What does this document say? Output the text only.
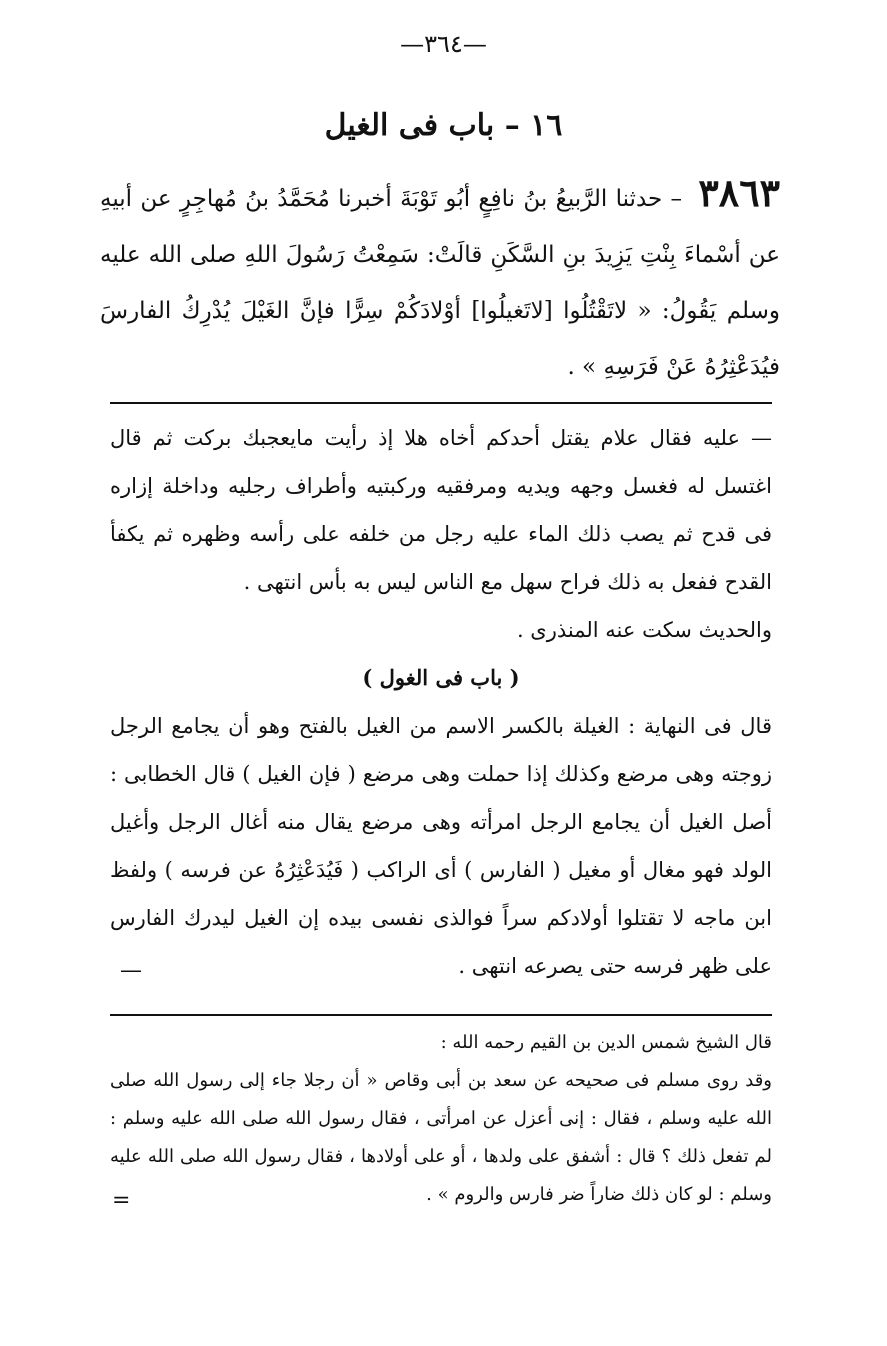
—٣٦٤—
١٦ – باب فى الغيل
٣٨٦٣ – حدثنا الرَّبيعُ بنُ نافِعٍ أبُو تَوْبَةَ أخبرنا مُحَمَّدُ بنُ مُهاجِرٍ عن أبيهِ عن أسْماءَ بِنْتِ يَزِيدَ بنِ السَّكَنِ قالَتْ: سَمِعْتُ رَسُولَ اللهِ صلى الله عليه وسلم يَقُولُ: « لاتَقْتُلُوا [لاتَغيلُوا] أوْلادَكُمْ سِرًّا فإنَّ الغَيْلَ يُدْرِكُ الفارسَ فيُدَعْثِرُهُ عَنْ فَرَسِهِ » .

— عليه فقال علام يقتل أحدكم أخاه هلا إذ رأيت مايعجبك بركت ثم قال اغتسل له فغسل وجهه ويديه ومرفقيه وركبتيه وأطراف رجليه وداخلة إزاره فى قدح ثم يصب ذلك الماء عليه رجل من خلفه على رأسه وظهره ثم يكفأ القدح ففعل به ذلك فراح سهل مع الناس ليس به بأس انتهى .

والحديث سكت عنه المنذرى .

( باب فى الغول )

قال فى النهاية : الغيلة بالكسر الاسم من الغيل بالفتح وهو أن يجامع الرجل زوجته وهى مرضع وكذلك إذا حملت وهى مرضع ( فإن الغيل ) قال الخطابى : أصل الغيل أن يجامع الرجل امرأته وهى مرضع يقال منه أغال الرجل وأغيل الولد فهو مغال أو مغيل ( الفارس ) أى الراكب ( فَيُدَعْثِرُهُ عن فرسه ) ولفظ ابن ماجه لا تقتلوا أولادكم سراً فوالذى نفسى بيده إن الغيل ليدرك الفارس على ظهر فرسه حتى يصرعه انتهى .

—

قال الشيخ شمس الدين بن القيم رحمه الله :

وقد روى مسلم فى صحيحه عن سعد بن أبى وقاص « أن رجلا جاء إلى رسول الله صلى الله عليه وسلم ، فقال : إنى أعزل عن امرأتى ، فقال رسول الله صلى الله عليه وسلم : لم تفعل ذلك ؟ قال : أشفق على ولدها ، أو على أولادها ، فقال رسول الله صلى الله عليه وسلم : لو كان ذلك ضاراً ضر فارس والروم » .

=
